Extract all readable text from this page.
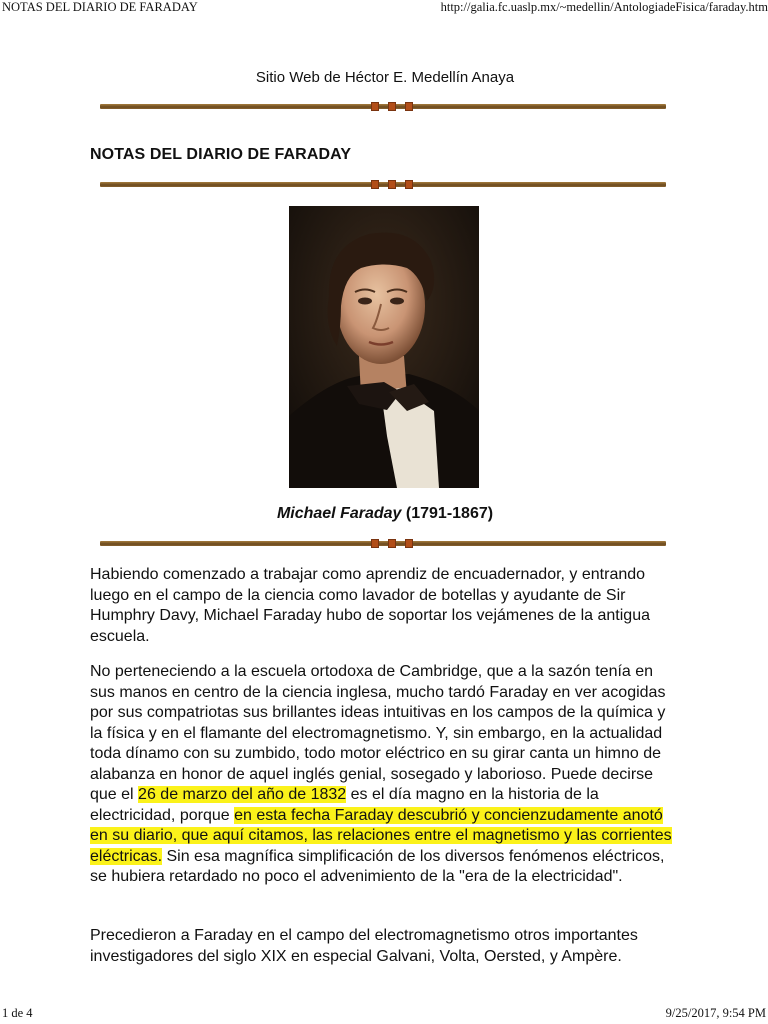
NOTAS DEL DIARIO DE FARADAY	http://galia.fc.uaslp.mx/~medellin/AntologiadeFisica/faraday.htm
Sitio Web de Héctor E. Medellín Anaya
NOTAS DEL DIARIO DE FARADAY
Michael Faraday (1791-1867)

Habiendo comenzado a trabajar como aprendiz de encuadernador, y entrando luego en el campo de la ciencia como lavador de botellas y ayudante de Sir Humphry Davy, Michael Faraday hubo de soportar los vejámenes de la antigua escuela.

No perteneciendo a la escuela ortodoxa de Cambridge, que a la sazón tenía en sus manos en centro de la ciencia inglesa, mucho tardó Faraday en ver acogidas por sus compatriotas sus brillantes ideas intuitivas en los campos de la química y la física y en el flamante del electromagnetismo. Y, sin embargo, en la actualidad toda dínamo con su zumbido, todo motor eléctrico en su girar canta un himno de alabanza en honor de aquel inglés genial, sosegado y laborioso. Puede decirse que el 26 de marzo del año de 1832 es el día magno en la historia de la electricidad, porque en esta fecha Faraday descubrió y concienzudamente anotó en su diario, que aquí citamos, las relaciones entre el magnetismo y las corrientes eléctricas. Sin esa magnífica simplificación de los diversos fenómenos eléctricos, se hubiera retardado no poco el advenimiento de la "era de la electricidad".

Precedieron a Faraday en el campo del electromagnetismo otros importantes investigadores del siglo XIX en especial Galvani, Volta, Oersted, y Ampère.

1 de 4	9/25/2017, 9:54 PM
